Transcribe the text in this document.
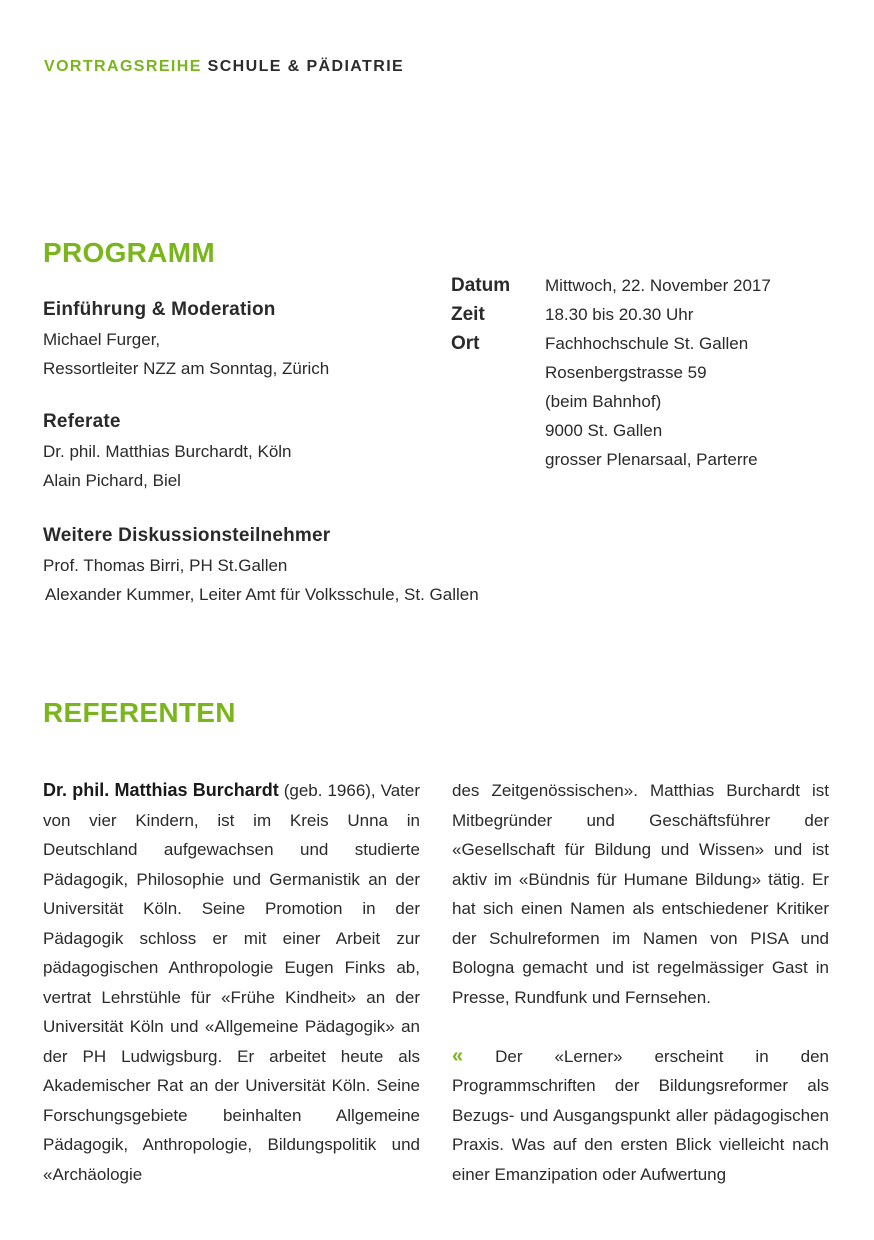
VORTRAGSREIHE SCHULE & PÄDIATRIE
PROGRAMM
Einführung & Moderation
Michael Furger,
Ressortleiter NZZ am Sonntag, Zürich
Referate
Dr. phil. Matthias Burchardt, Köln
Alain Pichard, Biel
Weitere Diskussionsteilnehmer
Prof. Thomas Birri, PH St.Gallen
Alexander Kummer, Leiter Amt für Volksschule, St. Gallen
Datum	Mittwoch, 22. November 2017
Zeit	18.30 bis 20.30 Uhr
Ort	Fachhochschule St. Gallen
Rosenbergstrasse 59
(beim Bahnhof)
9000 St. Gallen
grosser Plenarsaal, Parterre
REFERENTEN

Dr. phil. Matthias Burchardt (geb. 1966), Vater von vier Kindern, ist im Kreis Unna in Deutschland aufgewachsen und studierte Pädagogik, Philosophie und Germanistik an der Universität Köln. Seine Promotion in der Pädagogik schloss er mit einer Arbeit zur pädagogischen Anthropologie Eugen Finks ab, vertrat Lehrstühle für «Frühe Kindheit» an der Universität Köln und «Allgemeine Pädagogik» an der PH Ludwigsburg. Er arbeitet heute als Akademischer Rat an der Universität Köln. Seine Forschungsgebiete beinhalten Allgemeine Pädagogik, Anthropologie, Bildungspolitik und «Archäologie

des Zeitgenössischen». Matthias Burchardt ist Mitbegründer und Geschäftsführer der «Gesellschaft für Bildung und Wissen» und ist aktiv im «Bündnis für Humane Bildung» tätig. Er hat sich einen Namen als entschiedener Kritiker der Schulreformen im Namen von PISA und Bologna gemacht und ist regelmässiger Gast in Presse, Rundfunk und Fernsehen.

« Der «Lerner» erscheint in den Programmschriften der Bildungsreformer als Bezugs- und Ausgangspunkt aller pädagogischen Praxis. Was auf den ersten Blick vielleicht nach einer Emanzipation oder Aufwertung
